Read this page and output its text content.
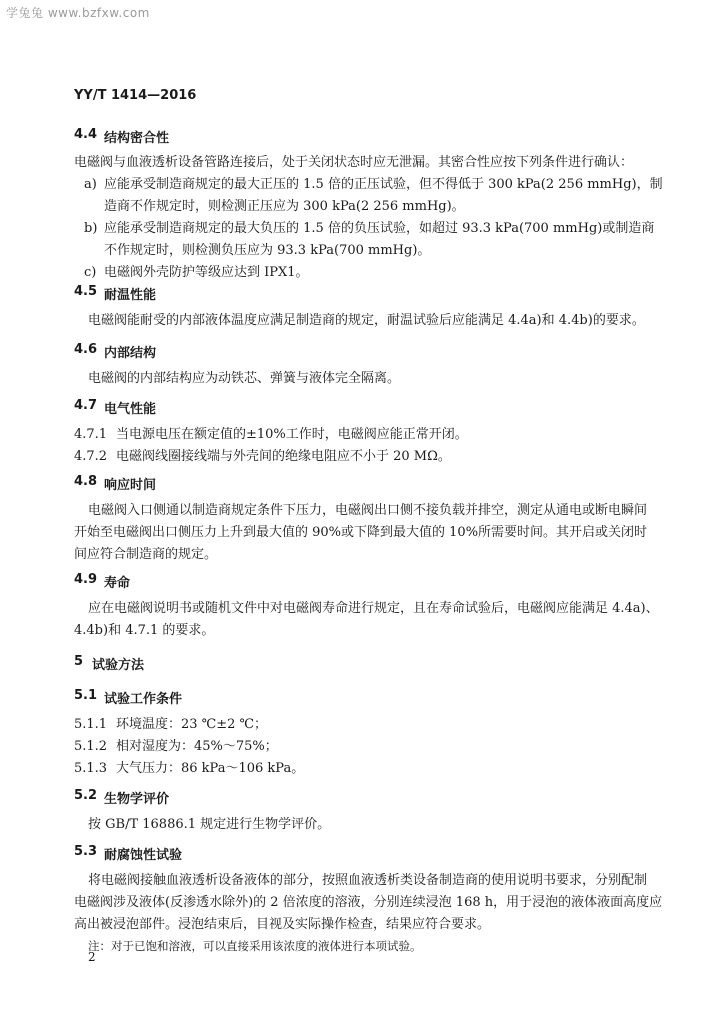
学兔兔 www.bzfxw.com
YY/T 1414—2016
4.4 结构密合性
电磁阀与血液透析设备管路连接后，处于关闭状态时应无泄漏。其密合性应按下列条件进行确认：
a) 应能承受制造商规定的最大正压的 1.5 倍的正压试验，但不得低于 300 kPa(2 256 mmHg)，制
造商不作规定时，则检测正压应为 300 kPa(2 256 mmHg)。
b) 应能承受制造商规定的最大负压的 1.5 倍的负压试验，如超过 93.3 kPa(700 mmHg)或制造商
不作规定时，则检测负压应为 93.3 kPa(700 mmHg)。
c) 电磁阀外壳防护等级应达到 IPX1。
4.5 耐温性能
电磁阀能耐受的内部液体温度应满足制造商的规定，耐温试验后应能满足 4.4a)和 4.4b)的要求。
4.6 内部结构
电磁阀的内部结构应为动铁芯、弹簧与液体完全隔离。
4.7 电气性能
4.7.1 当电源电压在额定值的±10%工作时，电磁阀应能正常开闭。
4.7.2 电磁阀线圈接线端与外壳间的绝缘电阻应不小于 20 MΩ。
4.8 响应时间
电磁阀入口侧通以制造商规定条件下压力，电磁阀出口侧不接负载并排空，测定从通电或断电瞬间
开始至电磁阀出口侧压力上升到最大值的 90%或下降到最大值的 10%所需要时间。其开启或关闭时
间应符合制造商的规定。
4.9 寿命
应在电磁阀说明书或随机文件中对电磁阀寿命进行规定，且在寿命试验后，电磁阀应能满足 4.4a)、
4.4b)和 4.7.1 的要求。
5 试验方法
5.1 试验工作条件
5.1.1 环境温度：23 ℃±2 ℃；
5.1.2 相对湿度为：45%～75%；
5.1.3 大气压力：86 kPa～106 kPa。
5.2 生物学评价
按 GB/T 16886.1 规定进行生物学评价。
5.3 耐腐蚀性试验
将电磁阀接触血液透析设备液体的部分，按照血液透析类设备制造商的使用说明书要求，分别配制
电磁阀涉及液体(反渗透水除外)的 2 倍浓度的溶液，分别连续浸泡 168 h，用于浸泡的液体液面高度应
高出被浸泡部件。浸泡结束后，目视及实际操作检查，结果应符合要求。
注：对于已饱和溶液，可以直接采用该浓度的液体进行本项试验。
2
